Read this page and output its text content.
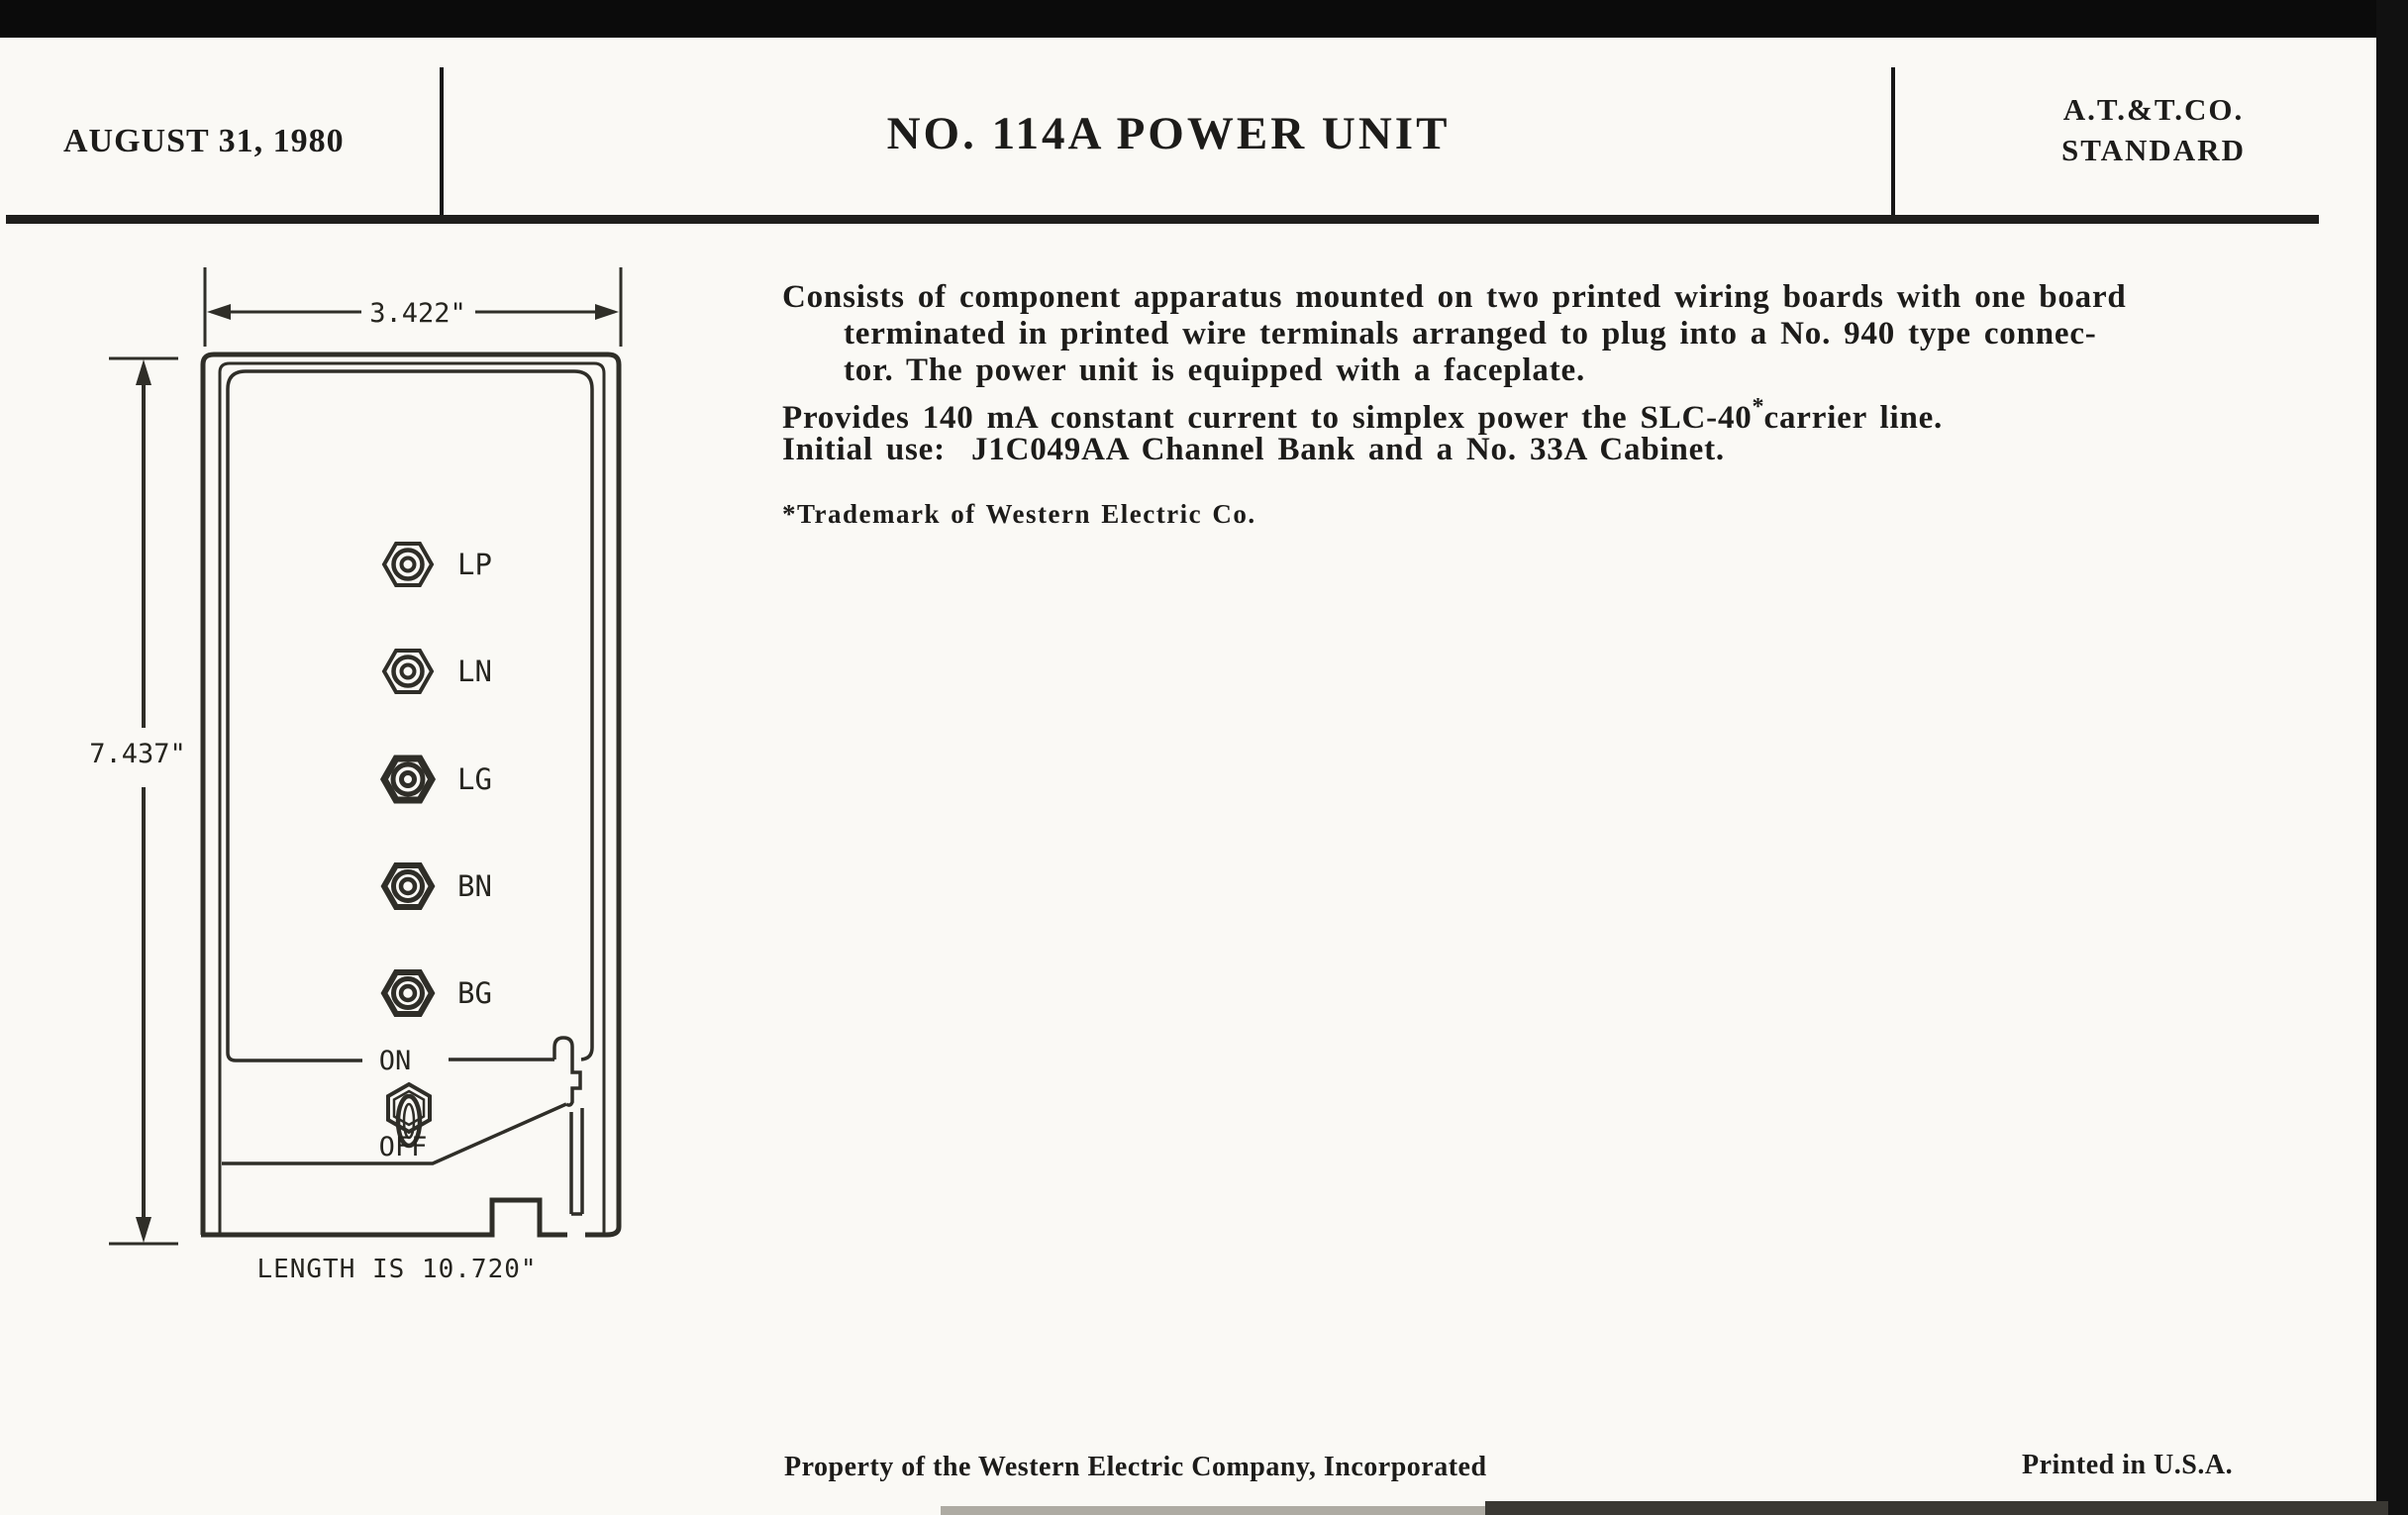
AUGUST 31, 1980	NO. 114A POWER UNIT	A.T.&T.CO.
STANDARD
Consists of component apparatus mounted on two printed wiring boards with one board
terminated in printed wire terminals arranged to plug into a No. 940 type connec-
tor. The power unit is equipped with a faceplate.
Provides 140 mA constant current to simplex power the SLC-40*carrier line.
Initial use:  J1C049AA Channel Bank and a No. 33A Cabinet.
*Trademark of Western Electric Co.
3.422"
7.437"
LP
LN
LG
BN
BG
ON
OFF
LENGTH IS 10.720"
Property of the Western Electric Company, Incorporated	Printed in U.S.A.
